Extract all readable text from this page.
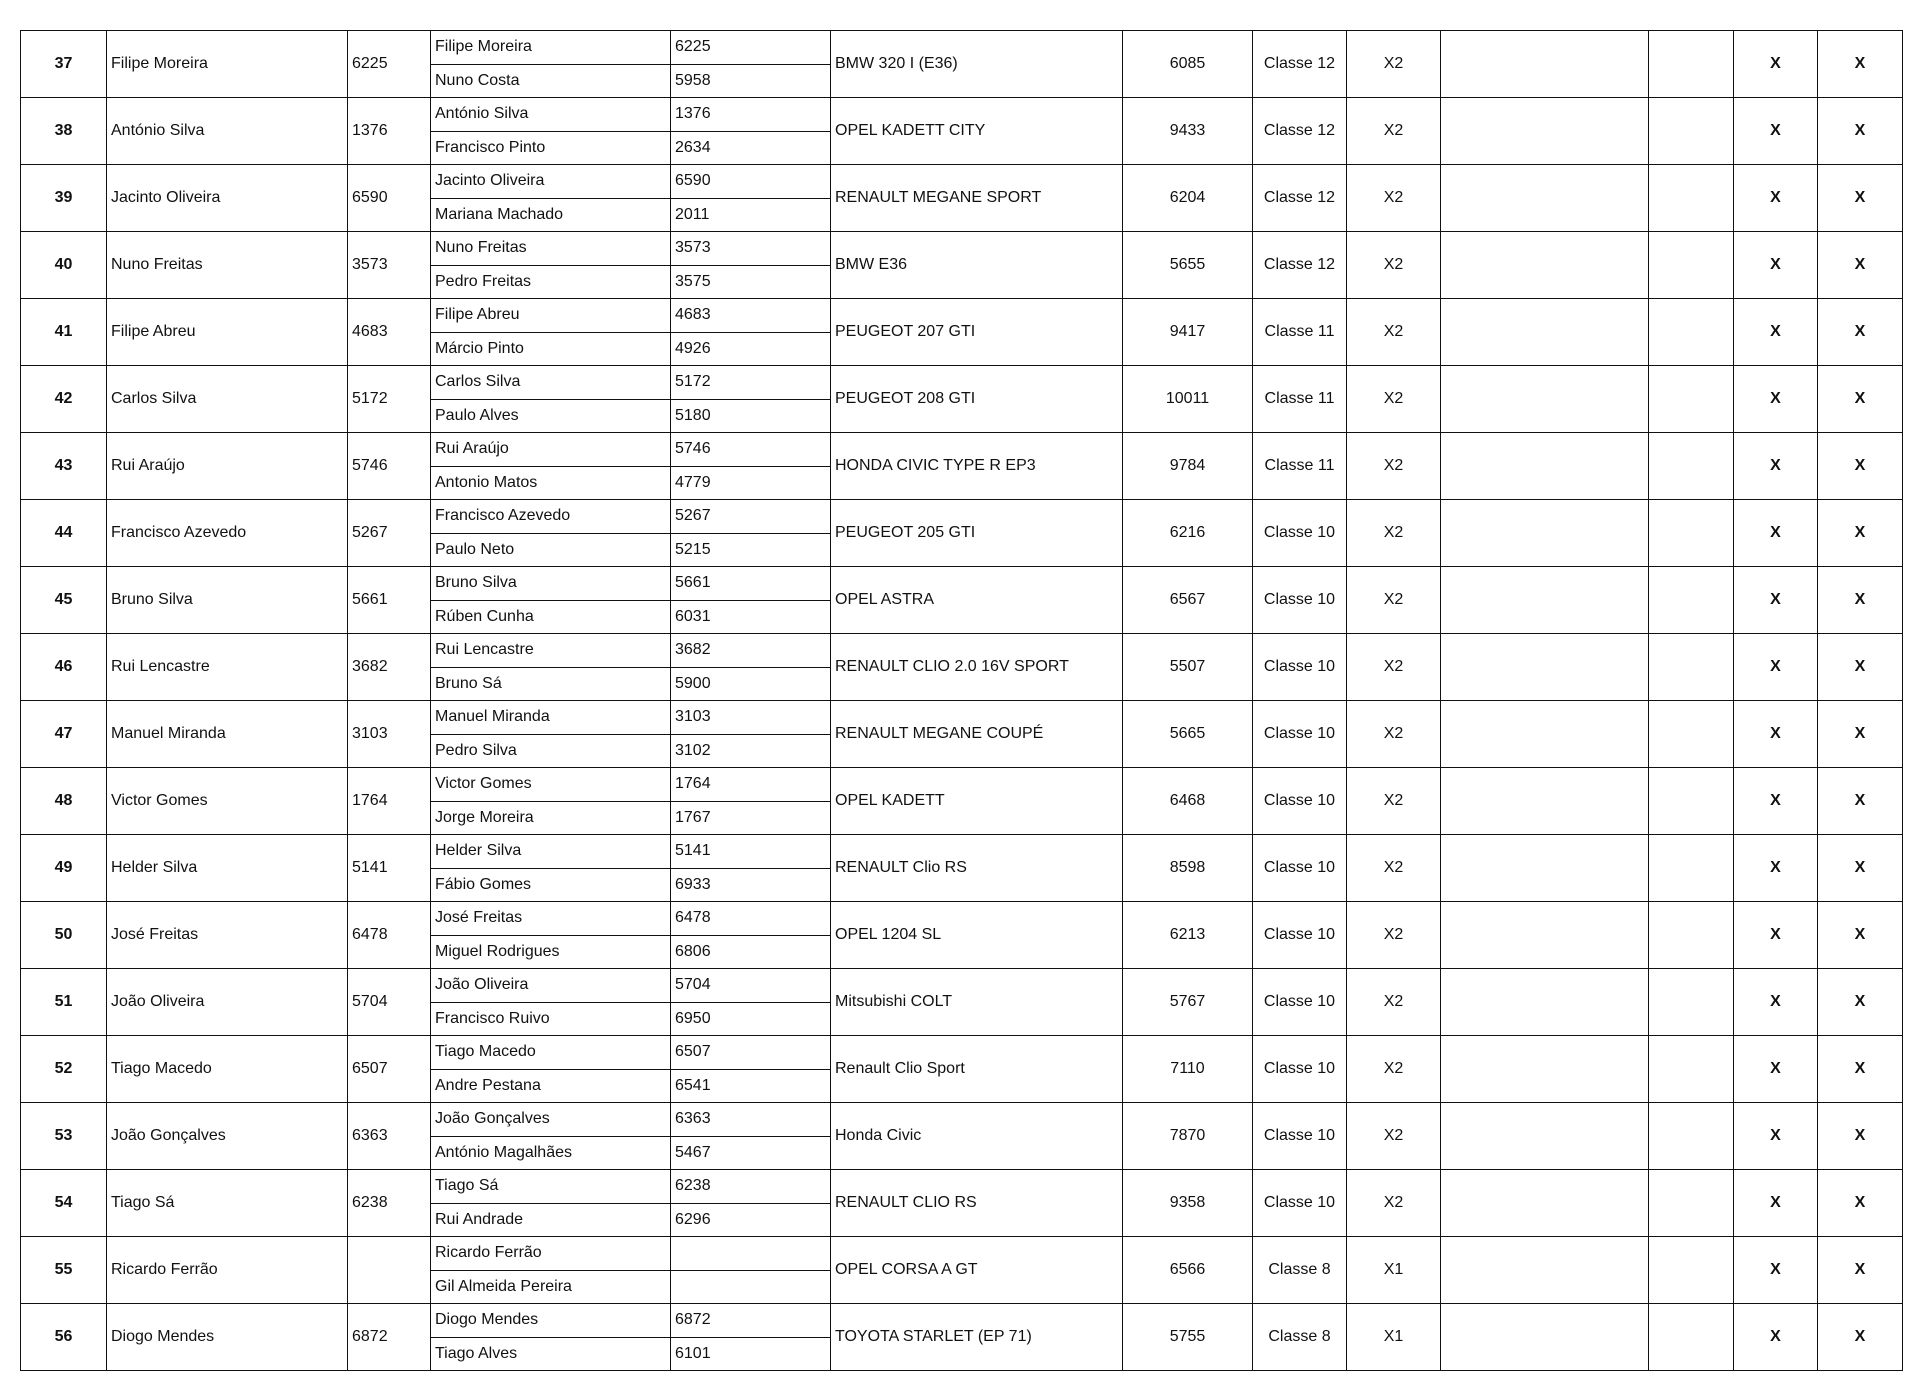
37	Filipe Moreira	6225	Filipe Moreira	6225	BMW 320 I (E36)	6085	Classe 12	X2			X	X
			Nuno Costa	5958								
38	António Silva	1376	António Silva	1376	OPEL KADETT CITY	9433	Classe 12	X2			X	X
			Francisco Pinto	2634								
39	Jacinto Oliveira	6590	Jacinto Oliveira	6590	RENAULT MEGANE SPORT	6204	Classe 12	X2			X	X
			Mariana Machado	2011								
40	Nuno Freitas	3573	Nuno Freitas	3573	BMW E36	5655	Classe 12	X2			X	X
			Pedro Freitas	3575								
41	Filipe Abreu	4683	Filipe Abreu	4683	PEUGEOT 207 GTI	9417	Classe 11	X2			X	X
			Márcio Pinto	4926								
42	Carlos Silva	5172	Carlos Silva	5172	PEUGEOT 208 GTI	10011	Classe 11	X2			X	X
			Paulo Alves	5180								
43	Rui Araújo	5746	Rui Araújo	5746	HONDA CIVIC TYPE R EP3	9784	Classe 11	X2			X	X
			Antonio Matos	4779								
44	Francisco Azevedo	5267	Francisco Azevedo	5267	PEUGEOT 205 GTI	6216	Classe 10	X2			X	X
			Paulo Neto	5215								
45	Bruno Silva	5661	Bruno Silva	5661	OPEL ASTRA	6567	Classe 10	X2			X	X
			Rúben Cunha	6031								
46	Rui Lencastre	3682	Rui Lencastre	3682	RENAULT CLIO 2.0 16V SPORT	5507	Classe 10	X2			X	X
			Bruno Sá	5900								
47	Manuel Miranda	3103	Manuel Miranda	3103	RENAULT MEGANE COUPÉ	5665	Classe 10	X2			X	X
			Pedro Silva	3102								
48	Victor Gomes	1764	Victor Gomes	1764	OPEL KADETT	6468	Classe 10	X2			X	X
			Jorge Moreira	1767								
49	Helder Silva	5141	Helder Silva	5141	RENAULT Clio RS	8598	Classe 10	X2			X	X
			Fábio Gomes	6933								
50	José Freitas	6478	José Freitas	6478	OPEL 1204 SL	6213	Classe 10	X2			X	X
			Miguel Rodrigues	6806								
51	João Oliveira	5704	João Oliveira	5704	Mitsubishi COLT	5767	Classe 10	X2			X	X
			Francisco Ruivo	6950								
52	Tiago Macedo	6507	Tiago Macedo	6507	Renault Clio Sport	7110	Classe 10	X2			X	X
			Andre Pestana	6541								
53	João Gonçalves	6363	João Gonçalves	6363	Honda Civic	7870	Classe 10	X2			X	X
			António Magalhães	5467								
54	Tiago Sá	6238	Tiago Sá	6238	RENAULT CLIO RS	9358	Classe 10	X2			X	X
			Rui Andrade	6296								
55	Ricardo Ferrão		Ricardo Ferrão		OPEL CORSA A GT	6566	Classe 8	X1			X	X
			Gil Almeida Pereira									
56	Diogo Mendes	6872	Diogo Mendes	6872	TOYOTA STARLET (EP 71)	5755	Classe 8	X1			X	X
			Tiago Alves	6101								
